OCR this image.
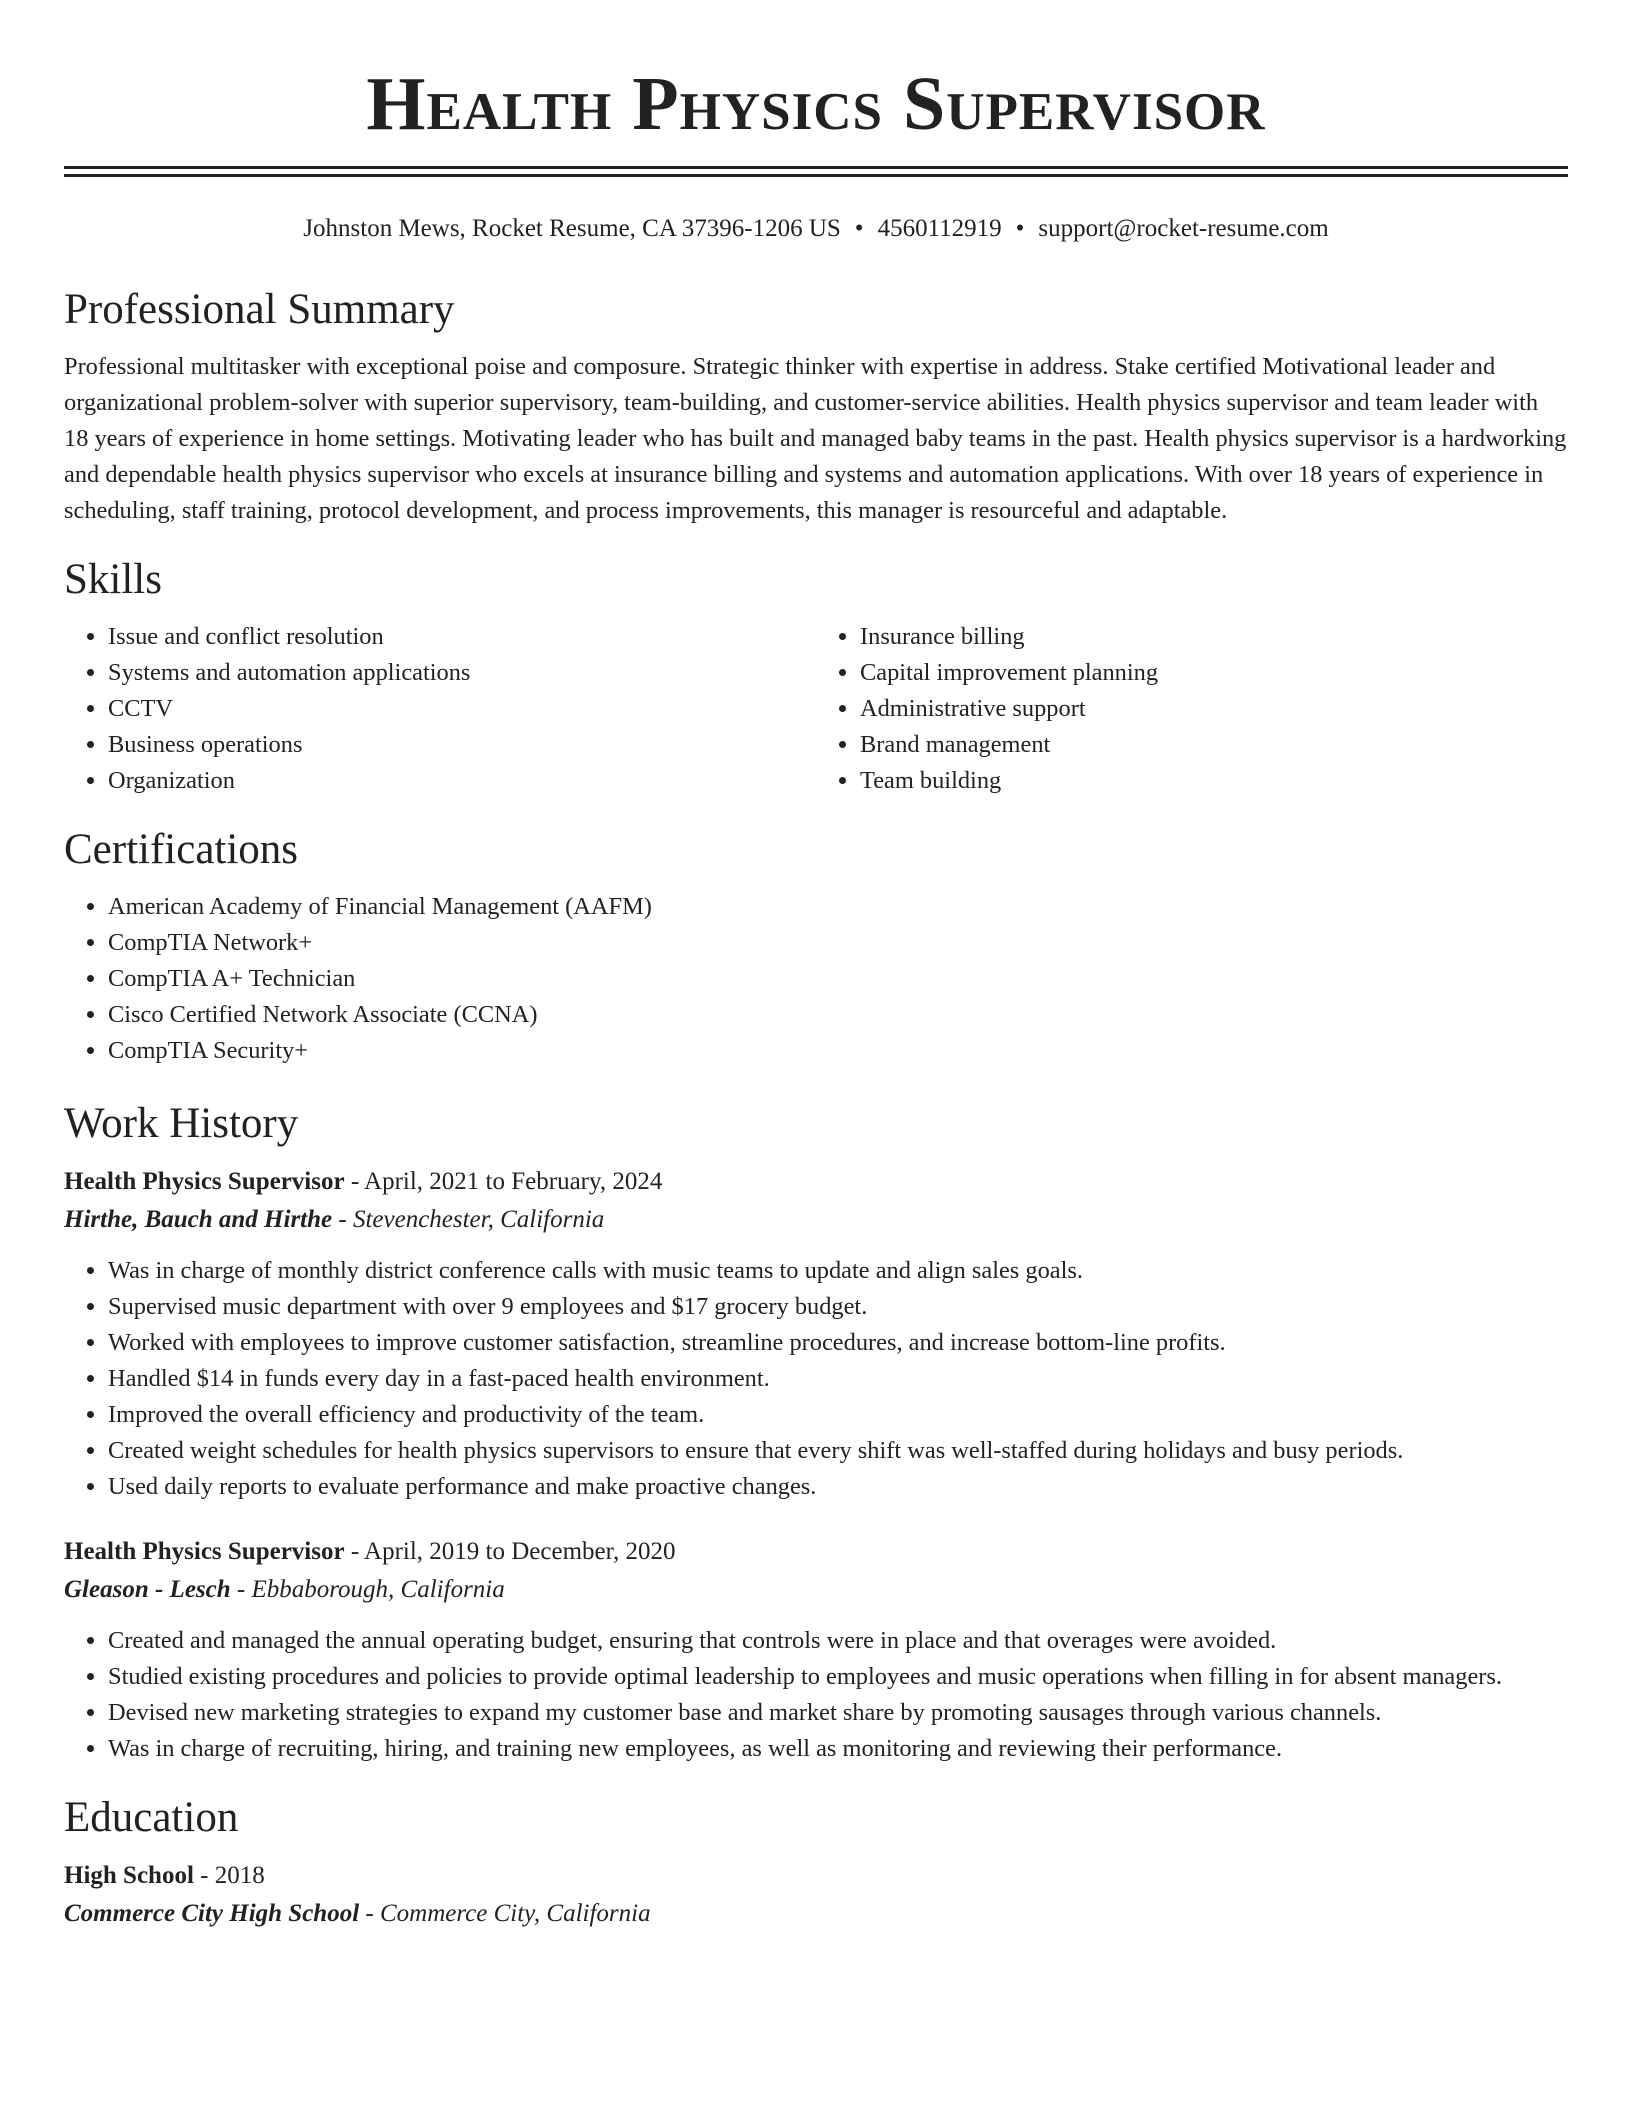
Health Physics Supervisor
Johnston Mews, Rocket Resume, CA 37396-1206 US • 4560112919 • support@rocket-resume.com
Professional Summary

Professional multitasker with exceptional poise and composure. Strategic thinker with expertise in address. Stake certified Motivational leader and organizational problem-solver with superior supervisory, team-building, and customer-service abilities. Health physics supervisor and team leader with 18 years of experience in home settings. Motivating leader who has built and managed baby teams in the past. Health physics supervisor is a hardworking and dependable health physics supervisor who excels at insurance billing and systems and automation applications. With over 18 years of experience in scheduling, staff training, protocol development, and process improvements, this manager is resourceful and adaptable.

Skills
• Issue and conflict resolution
• Systems and automation applications
• CCTV
• Business operations
• Organization
• Insurance billing
• Capital improvement planning
• Administrative support
• Brand management
• Team building
Certifications
• American Academy of Financial Management (AAFM)
• CompTIA Network+
• CompTIA A+ Technician
• Cisco Certified Network Associate (CCNA)
• CompTIA Security+
Work History
Health Physics Supervisor - April, 2021 to February, 2024
Hirthe, Bauch and Hirthe - Stevenchester, California
• Was in charge of monthly district conference calls with music teams to update and align sales goals.
• Supervised music department with over 9 employees and $17 grocery budget.
• Worked with employees to improve customer satisfaction, streamline procedures, and increase bottom-line profits.
• Handled $14 in funds every day in a fast-paced health environment.
• Improved the overall efficiency and productivity of the team.
• Created weight schedules for health physics supervisors to ensure that every shift was well-staffed during holidays and busy periods.
• Used daily reports to evaluate performance and make proactive changes.
Health Physics Supervisor - April, 2019 to December, 2020
Gleason - Lesch - Ebbaborough, California
• Created and managed the annual operating budget, ensuring that controls were in place and that overages were avoided.
• Studied existing procedures and policies to provide optimal leadership to employees and music operations when filling in for absent managers.
• Devised new marketing strategies to expand my customer base and market share by promoting sausages through various channels.
• Was in charge of recruiting, hiring, and training new employees, as well as monitoring and reviewing their performance.
Education
High School - 2018
Commerce City High School - Commerce City, California
